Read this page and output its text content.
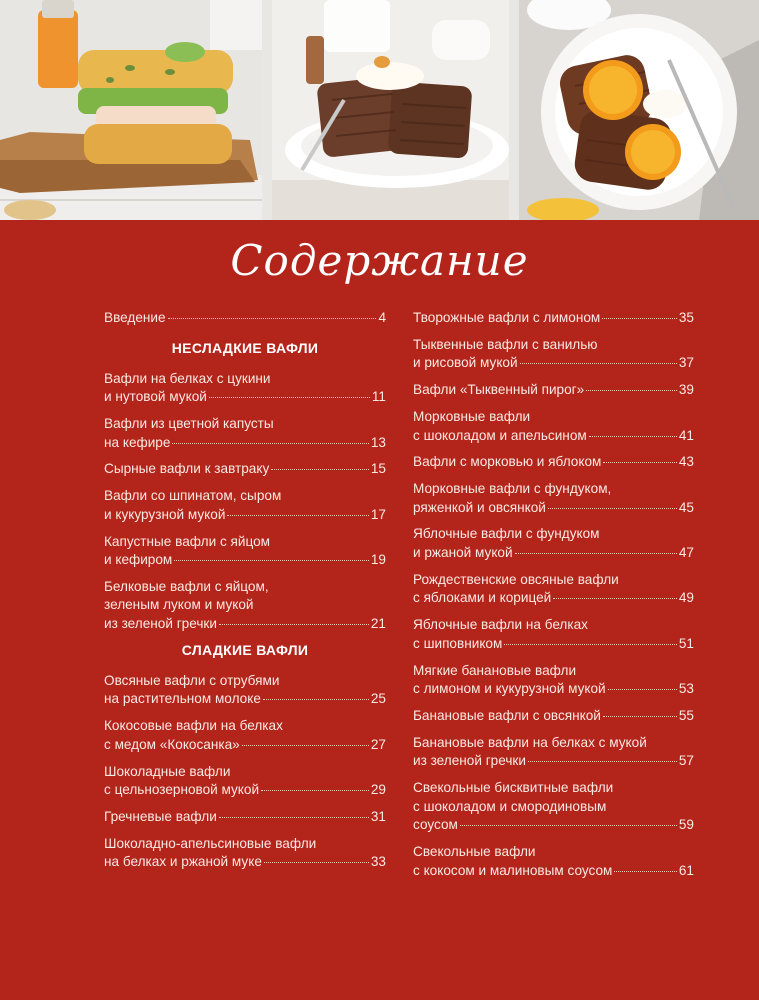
Содержание
Введение	4
НЕСЛАДКИЕ ВАФЛИ
Вафли на белках с цукини
и нутовой мукой	11
Вафли из цветной капусты
на кефире	13
Сырные вафли к завтраку	15
Вафли со шпинатом, сыром
и кукурузной мукой	17
Капустные вафли с яйцом
и кефиром	19
Белковые вафли с яйцом,
зеленым луком и мукой
из зеленой гречки	21
СЛАДКИЕ ВАФЛИ
Овсяные вафли с отрубями
на растительном молоке	25
Кокосовые вафли на белках
с медом «Кокосанка»	27
Шоколадные вафли
с цельнозерновой мукой	29
Гречневые вафли	31
Шоколадно-апельсиновые вафли
на белках и ржаной муке	33
Творожные вафли с лимоном	35
Тыквенные вафли с ванилью
и рисовой мукой	37
Вафли «Тыквенный пирог»	39
Морковные вафли
с шоколадом и апельсином	41
Вафли с морковью и яблоком	43
Морковные вафли с фундуком,
ряженкой и овсянкой	45
Яблочные вафли с фундуком
и ржаной мукой	47
Рождественские овсяные вафли
с яблоками и корицей	49
Яблочные вафли на белках
с шиповником	51
Мягкие банановые вафли
с лимоном и кукурузной мукой	53
Банановые вафли с овсянкой	55
Банановые вафли на белках с мукой
из зеленой гречки	57
Свекольные бисквитные вафли
с шоколадом и смородиновым
соусом	59
Свекольные вафли
с кокосом и малиновым соусом	61
